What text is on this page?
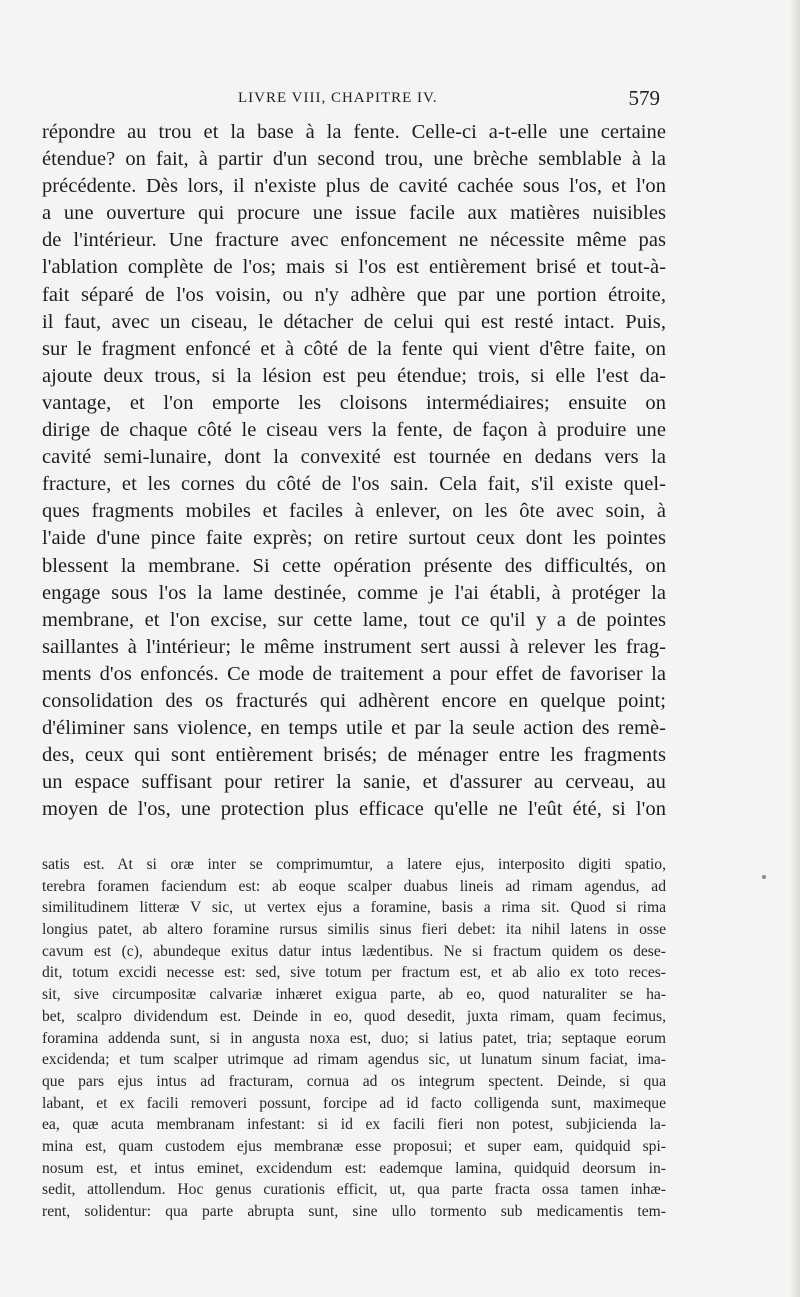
LIVRE VIII, CHAPITRE IV.	579
répondre au trou et la base à la fente. Celle-ci a-t-elle une certaine
étendue? on fait, à partir d'un second trou, une brèche semblable à la
précédente. Dès lors, il n'existe plus de cavité cachée sous l'os, et l'on
a une ouverture qui procure une issue facile aux matières nuisibles
de l'intérieur. Une fracture avec enfoncement ne nécessite même pas
l'ablation complète de l'os; mais si l'os est entièrement brisé et tout-à-
fait séparé de l'os voisin, ou n'y adhère que par une portion étroite,
il faut, avec un ciseau, le détacher de celui qui est resté intact. Puis,
sur le fragment enfoncé et à côté de la fente qui vient d'être faite, on
ajoute deux trous, si la lésion est peu étendue; trois, si elle l'est da-
vantage, et l'on emporte les cloisons intermédiaires; ensuite on
dirige de chaque côté le ciseau vers la fente, de façon à produire une
cavité semi-lunaire, dont la convexité est tournée en dedans vers la
fracture, et les cornes du côté de l'os sain. Cela fait, s'il existe quel-
ques fragments mobiles et faciles à enlever, on les ôte avec soin, à
l'aide d'une pince faite exprès; on retire surtout ceux dont les pointes
blessent la membrane. Si cette opération présente des difficultés, on
engage sous l'os la lame destinée, comme je l'ai établi, à protéger la
membrane, et l'on excise, sur cette lame, tout ce qu'il y a de pointes
saillantes à l'intérieur; le même instrument sert aussi à relever les frag-
ments d'os enfoncés. Ce mode de traitement a pour effet de favoriser la
consolidation des os fracturés qui adhèrent encore en quelque point;
d'éliminer sans violence, en temps utile et par la seule action des remè-
des, ceux qui sont entièrement brisés; de ménager entre les fragments
un espace suffisant pour retirer la sanie, et d'assurer au cerveau, au
moyen de l'os, une protection plus efficace qu'elle ne l'eût été, si l'on
satis est. At si oræ inter se comprimumtur, a latere ejus, interposito digiti spatio,
terebra foramen faciendum est: ab eoque scalper duabus lineis ad rimam agendus, ad
similitudinem litteræ V sic, ut vertex ejus a foramine, basis a rima sit. Quod si rima
longius patet, ab altero foramine rursus similis sinus fieri debet: ita nihil latens in osse
cavum est (c), abundeque exitus datur intus lædentibus. Ne si fractum quidem os dese-
dit, totum excidi necesse est: sed, sive totum per fractum est, et ab alio ex toto reces-
sit, sive circumpositæ calvariæ inhæret exigua parte, ab eo, quod naturaliter se ha-
bet, scalpro dividendum est. Deinde in eo, quod desedit, juxta rimam, quam fecimus,
foramina addenda sunt, si in angusta noxa est, duo; si latius patet, tria; septaque eorum
excidenda; et tum scalper utrimque ad rimam agendus sic, ut lunatum sinum faciat, ima-
que pars ejus intus ad fracturam, cornua ad os integrum spectent. Deinde, si qua
labant, et ex facili removeri possunt, forcipe ad id facto colligenda sunt, maximeque
ea, quæ acuta membranam infestant: si id ex facili fieri non potest, subjicienda la-
mina est, quam custodem ejus membranæ esse proposui; et super eam, quidquid spi-
nosum est, et intus eminet, excidendum est: eademque lamina, quidquid deorsum in-
sedit, attollendum. Hoc genus curationis efficit, ut, qua parte fracta ossa tamen inhæ-
rent, solidentur: qua parte abrupta sunt, sine ullo tormento sub medicamentis tem-
